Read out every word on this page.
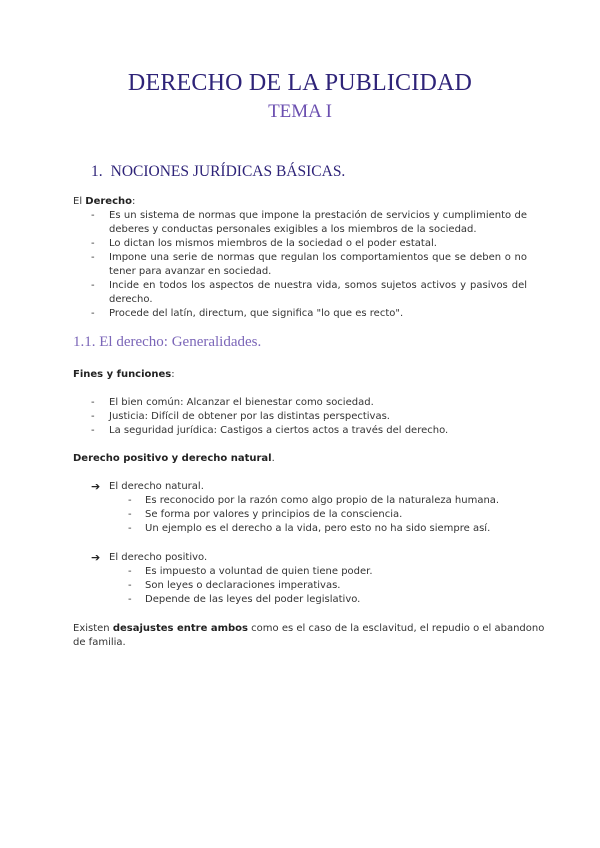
DERECHO DE LA PUBLICIDAD
TEMA I
1. NOCIONES JURÍDICAS BÁSICAS.
El Derecho:
- Es un sistema de normas que impone la prestación de servicios y cumplimiento de
deberes y conductas personales exigibles a los miembros de la sociedad.
- Lo dictan los mismos miembros de la sociedad o el poder estatal.
- Impone una serie de normas que regulan los comportamientos que se deben o no
tener para avanzar en sociedad.
- Incide en todos los aspectos de nuestra vida, somos sujetos activos y pasivos del
derecho.
- Procede del latín, directum, que significa "lo que es recto".
1.1. El derecho: Generalidades.
Fines y funciones:
- El bien común: Alcanzar el bienestar como sociedad.
- Justicia: Difícil de obtener por las distintas perspectivas.
- La seguridad jurídica: Castigos a ciertos actos a través del derecho.
Derecho positivo y derecho natural.
➔ El derecho natural.
- Es reconocido por la razón como algo propio de la naturaleza humana.
- Se forma por valores y principios de la consciencia.
- Un ejemplo es el derecho a la vida, pero esto no ha sido siempre así.
➔ El derecho positivo.
- Es impuesto a voluntad de quien tiene poder.
- Son leyes o declaraciones imperativas.
- Depende de las leyes del poder legislativo.
Existen desajustes entre ambos como es el caso de la esclavitud, el repudio o el abandono
de familia.
